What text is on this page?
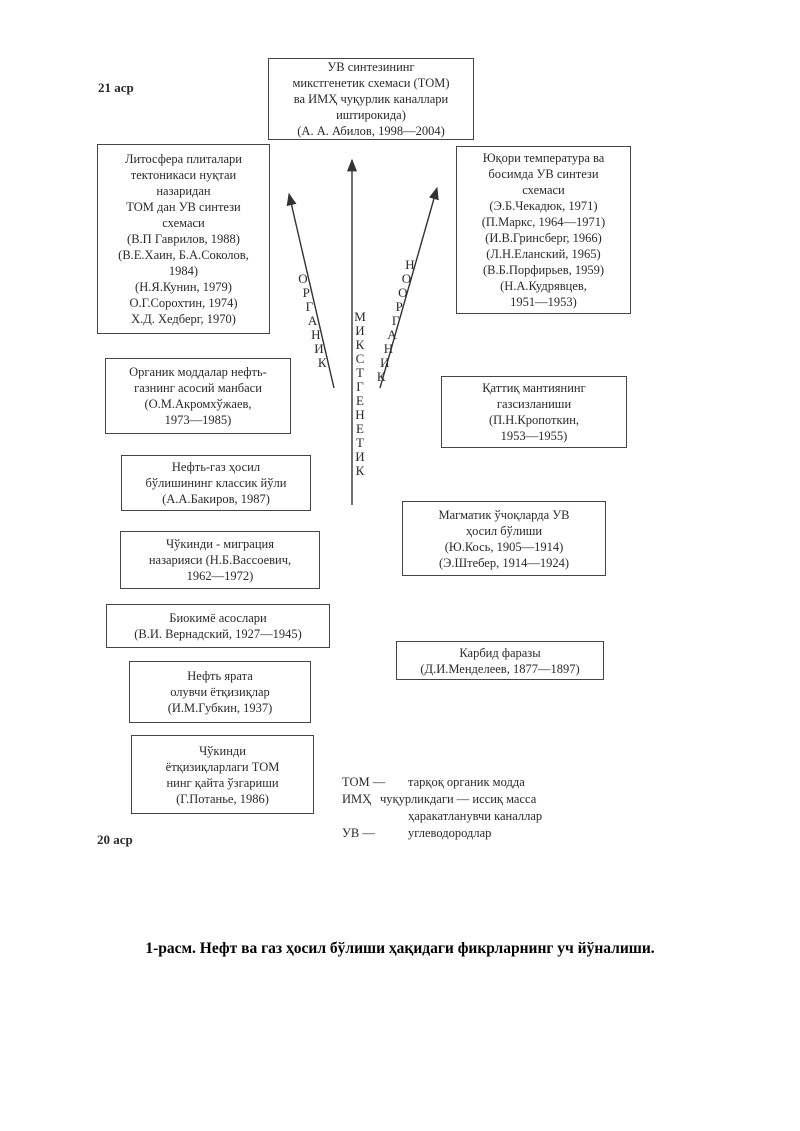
21 аср
20 аср
О
Р
Г
А
Н
И
К
М
И
К
С
Т
Г
Е
Н
Е
Т
И
К
Н
О
О
Р
Г
А
Н
И
К
УВ синтезининг
микстгенетик схемаси (ТОМ)
ва ИМҲ чуқурлик каналлари
иштирокида)
(А. А. Абилов, 1998—2004)
Литосфера плиталари
тектоникаси нуқтаи
назаридан
ТОМ дан УВ синтези
схемаси
(В.П Гаврилов, 1988)
(В.Е.Хаин, Б.А.Соколов,
1984)
(Н.Я.Кунин, 1979)
О.Г.Сорохтин, 1974)
Х.Д. Хедберг, 1970)
Юқори температура ва
босимда УВ синтези
схемаси
(Э.Б.Чекадюк, 1971)
(П.Маркс, 1964—1971)
(И.В.Гринсберг, 1966)
(Л.Н.Еланский, 1965)
(В.Б.Порфирьев, 1959)
(Н.А.Кудрявцев,
1951—1953)
Органик моддалар нефть-
газнинг асосий манбаси
(О.М.Акромхўжаев,
1973—1985)
Қаттиқ мантиянинг
газсизланиши
(П.Н.Кропоткин,
1953—1955)
Нефть-газ ҳосил
бўлишининг классик йўли
(А.А.Бакиров, 1987)
Магматик ўчоқларда УВ
ҳосил бўлиши
(Ю.Кось, 1905—1914)
(Э.Штебер, 1914—1924)
Чўкинди - миграция
назарияси (Н.Б.Вассоевич,
1962—1972)
Биокимё асослари
(В.И. Вернадский, 1927—1945)
Карбид фаразы
(Д.И.Менделеев, 1877—1897)
Нефть ярата
олувчи ётқизиқлар
(И.М.Губкин, 1937)
Чўкинди
ётқизиқларлаги ТОМ
нинг қайта ўзгариши
(Г.Потанье, 1986)
ТОМ — тарқоқ органик модда
ИМҲ чуқурликдаги — иссиқ масса
ҳаракатланувчи каналлар
УВ —	углеводородлар
1-расм. Нефт ва газ ҳосил бўлиши ҳақидаги фикрларнинг уч йўналиши.
